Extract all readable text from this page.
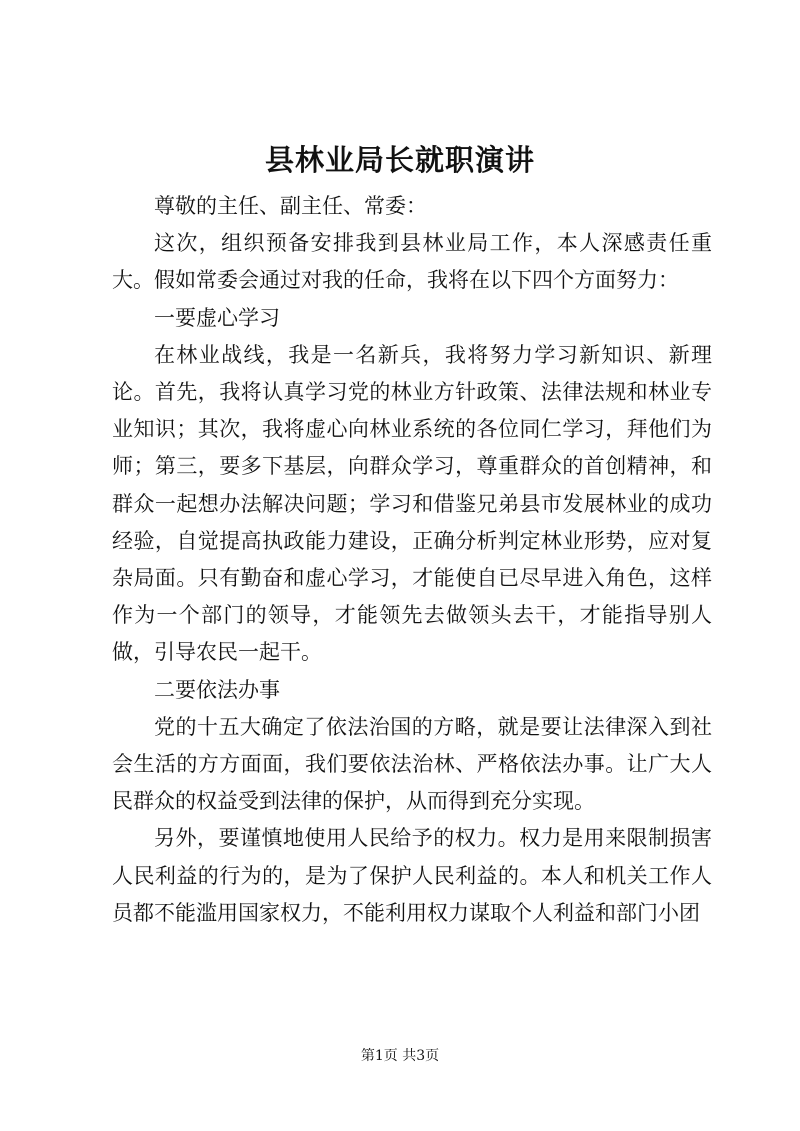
县林业局长就职演讲

尊敬的主任、副主任、常委：

这次，组织预备安排我到县林业局工作，本人深感责任重大。假如常委会通过对我的任命，我将在以下四个方面努力：

一要虚心学习

在林业战线，我是一名新兵，我将努力学习新知识、新理论。首先，我将认真学习党的林业方针政策、法律法规和林业专业知识；其次，我将虚心向林业系统的各位同仁学习，拜他们为师；第三，要多下基层，向群众学习，尊重群众的首创精神，和群众一起想办法解决问题；学习和借鉴兄弟县市发展林业的成功经验，自觉提高执政能力建设，正确分析判定林业形势，应对复杂局面。只有勤奋和虚心学习，才能使自已尽早进入角色，这样作为一个部门的领导，才能领先去做领头去干，才能指导别人做，引导农民一起干。

二要依法办事

党的十五大确定了依法治国的方略，就是要让法律深入到社会生活的方方面面，我们要依法治林、严格依法办事。让广大人民群众的权益受到法律的保护，从而得到充分实现。

另外，要谨慎地使用人民给予的权力。权力是用来限制损害人民利益的行为的，是为了保护人民利益的。本人和机关工作人员都不能滥用国家权力，不能利用权力谋取个人利益和部门小团

第1页 共3页
